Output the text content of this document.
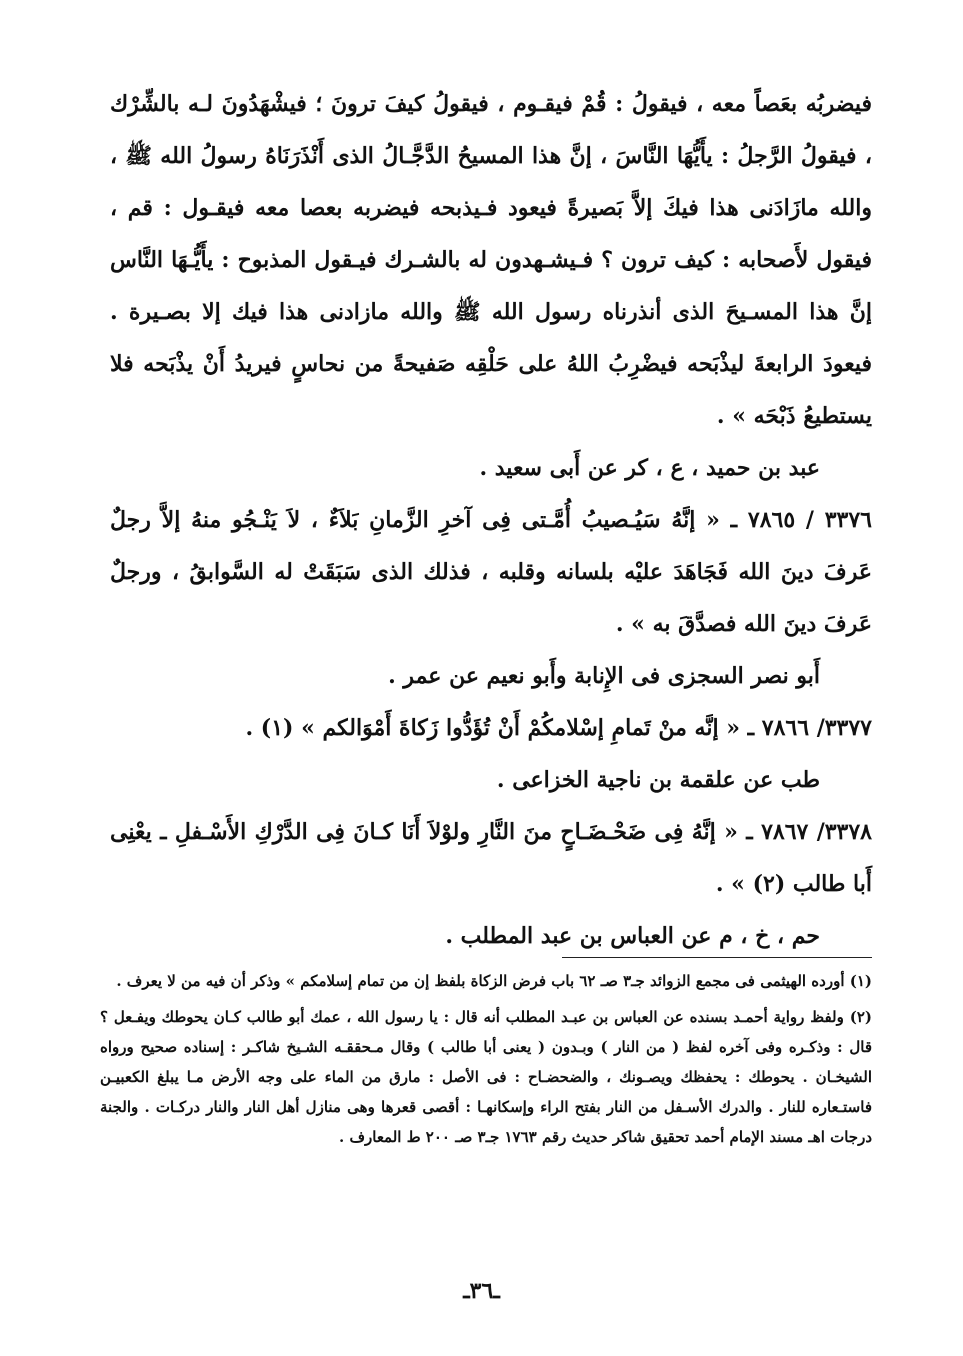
فيضربُه بعَصاً معه ، فيقولُ : قُمْ فيقـوم ، فيقولُ كيفَ ترونَ ؛ فيشْهَدُونَ لـه بالشِّرْك ، فيقولُ الرَّجلُ : يأَيُّهَا النَّاسَ ، إنَّ هذا المسيحُ الدَّجَّـالُ الذى أَنْذَرَنَاهُ رسولُ الله ﷺ ، والله مازَادَنى هذا فيكَ إلاَّ بَصيرةً فيعود فـيذبحه فيضربه بعصا معه فيقـول : قم ، فيقول لأَصحابه : كيف ترون ؟ فـيشـهدون له بالشـرك فيـقول المذبوح : يأَيُّـهَا النَّاس إنَّ هذا المسـيحَ الذى أنذرناه رسول الله ﷺ والله مازادنى هذا فيك إلا بصـيرة . فيعودَ الرابعةَ ليذْبَحه فيضْرِبُ اللهُ على حَلْقِه صَفيحةً من نحاسٍ فيريدُ أَنْ يذْبَحه فلا يستطيعُ ذَبْحَه » .

عبد بن حميد ، ع ، كر عن أَبى سعيد .

٣٣٧٦ / ٧٨٦٥ ـ « إنَّهُ سَيُـصيبُ أُمَّـتى فِى آخرِ الزَّمانِ بَلاَءٌ ، لاَ يَنْـجُو منهُ إلاَّ رجلٌ عَرفَ دينَ الله فَجَاهَدَ عليْه بلسانه وقلبه ، فذلك الذى سَبَقَتْ له السَّوابقُ ، ورجلٌ عَرفَ دينَ الله فصدَّقَ به » .

أَبو نصر السجزى فى الإِنابة وأَبو نعيم عن عمر .

٣٣٧٧/ ٧٨٦٦ ـ « إنَّه منْ تَمامِ إسْلامكُمْ أَنْ تُؤَدُّوا زَكاةَ أَمْوَالكم » (١) .

طب عن علقمة بن ناجية الخزاعى .

٣٣٧٨/ ٧٨٦٧ ـ « إنَّهُ فِى ضَحْـضَـاحٍ منَ النَّارِ ولوْلاَ أَنَا كـانَ فِى الدَّرْكِ الأَسْـفلِ ـ يعْنِى أَبا طالب (٢) » .

حم ، خ ، م عن العباس بن عبد المطلب .

(١) أورده الهيثمى فى مجمع الزوائد جـ٣ صـ ٦٢ باب فرض الزكاة بلفظ إن من تمام إسلامكم » وذكر أن فيه من لا يعرف .

(٢) ولفظ رواية أحمـد بسنده عن العباس بن عبـد المطلب أنه قال : يا رسول الله ، عمك أبو طالب كـان يحوطك ويفـعل ؟ قال : وذكـره وفى آخره لفظ ( من النار ) وبـدون ( يعنى أبا طالب ) وقال مـحققـه الشـيخ شاكـر : إسناده صحيح ورواه الشيخـان . يحوطك : يحفظك ويصـونك ، والضحضـاح : فى الأصل : مارق من الماء على وجه الأرض مـا يبلغ الكعبيـن فاستـعاره للنار . والدرك الأسـفل من النار بفتح الراء وإسكانهـا : أقصى قعرها وهى منازل أهل النار والنار دركـات . والجنة درجات اهـ مسند الإمام أحمد تحقيق شاكر حديث رقم ١٧٦٣ جـ٣ صـ ٢٠٠ ط المعارف .

ـ٣٦ـ
